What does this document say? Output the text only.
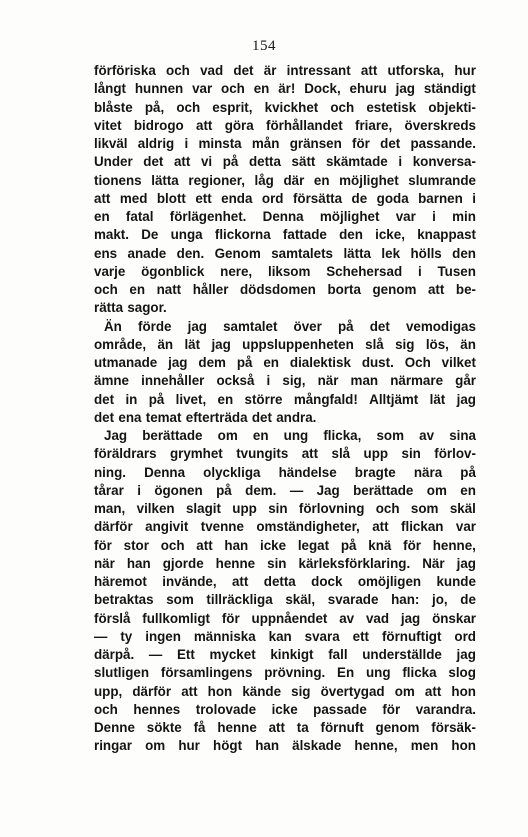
154
förföriska och vad det är intressant att utforska, hur
långt hunnen var och en är! Dock, ehuru jag ständigt
blåste på, och esprit, kvickhet och estetisk objekti-
vitet bidrogo att göra förhållandet friare, överskreds
likväl aldrig i minsta mån gränsen för det passande.
Under det att vi på detta sätt skämtade i konversa-
tionens lätta regioner, låg där en möjlighet slumrande
att med blott ett enda ord försätta de goda barnen i
en fatal förlägenhet. Denna möjlighet var i min
makt. De unga flickorna fattade den icke, knappast
ens anade den. Genom samtalets lätta lek hölls den
varje ögonblick nere, liksom Schehersad i Tusen
och en natt håller dödsdomen borta genom att be-
rätta sagor.
Än förde jag samtalet över på det vemodigas
område, än lät jag uppsluppenheten slå sig lös, än
utmanade jag dem på en dialektisk dust. Och vilket
ämne innehåller också i sig, när man närmare går
det in på livet, en större mångfald! Alltjämt lät jag
det ena temat efterträda det andra.
Jag berättade om en ung flicka, som av sina
föräldrars grymhet tvungits att slå upp sin förlov-
ning. Denna olyckliga händelse bragte nära på
tårar i ögonen på dem. — Jag berättade om en
man, vilken slagit upp sin förlovning och som skäl
därför angivit tvenne omständigheter, att flickan var
för stor och att han icke legat på knä för henne,
när han gjorde henne sin kärleksförklaring. När jag
häremot invände, att detta dock omöjligen kunde
betraktas som tillräckliga skäl, svarade han: jo, de
förslå fullkomligt för uppnåendet av vad jag önskar
— ty ingen människa kan svara ett förnuftigt ord
därpå. — Ett mycket kinkigt fall underställde jag
slutligen församlingens prövning. En ung flicka slog
upp, därför att hon kände sig övertygad om att hon
och hennes trolovade icke passade för varandra.
Denne sökte få henne att ta förnuft genom försäk-
ringar om hur högt han älskade henne, men hon
